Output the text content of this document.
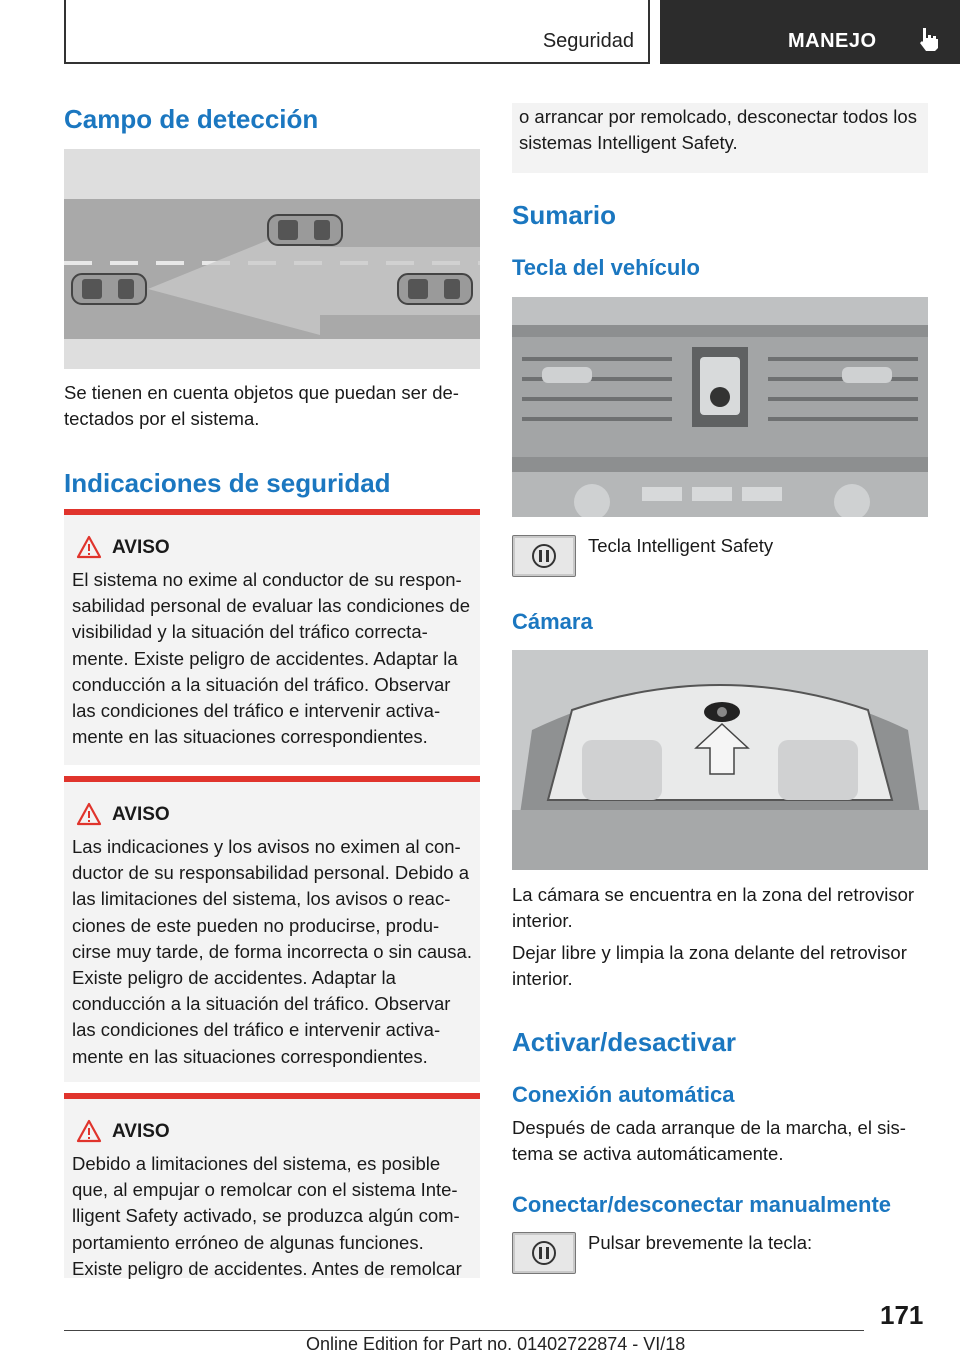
Seguridad	MANEJO
Campo de detección
Se tienen en cuenta objetos que puedan ser de-tectados por el sistema.
Indicaciones de seguridad
AVISO
El sistema no exime al conductor de su respon-sabilidad personal de evaluar las condiciones de visibilidad y la situación del tráfico correcta-mente. Existe peligro de accidentes. Adaptar la conducción a la situación del tráfico. Observar las condiciones del tráfico e intervenir activa-mente en las situaciones correspondientes.
AVISO
Las indicaciones y los avisos no eximen al con-ductor de su responsabilidad personal. Debido a las limitaciones del sistema, los avisos o reac-ciones de este pueden no producirse, produ-cirse muy tarde, de forma incorrecta o sin causa. Existe peligro de accidentes. Adaptar la conducción a la situación del tráfico. Observar las condiciones del tráfico e intervenir activa-mente en las situaciones correspondientes.
AVISO
Debido a limitaciones del sistema, es posible que, al empujar o remolcar con el sistema Inte-lligent Safety activado, se produzca algún com-portamiento erróneo de algunas funciones. Existe peligro de accidentes. Antes de remolcar
o arrancar por remolcado, desconectar todos los sistemas Intelligent Safety.
Sumario
Tecla del vehículo
Tecla Intelligent Safety
Cámara
La cámara se encuentra en la zona del retrovisor interior.
Dejar libre y limpia la zona delante del retrovisor interior.
Activar/desactivar
Conexión automática
Después de cada arranque de la marcha, el sis-tema se activa automáticamente.
Conectar/desconectar manualmente
Pulsar brevemente la tecla:
171
Online Edition for Part no. 01402722874 - VI/18
